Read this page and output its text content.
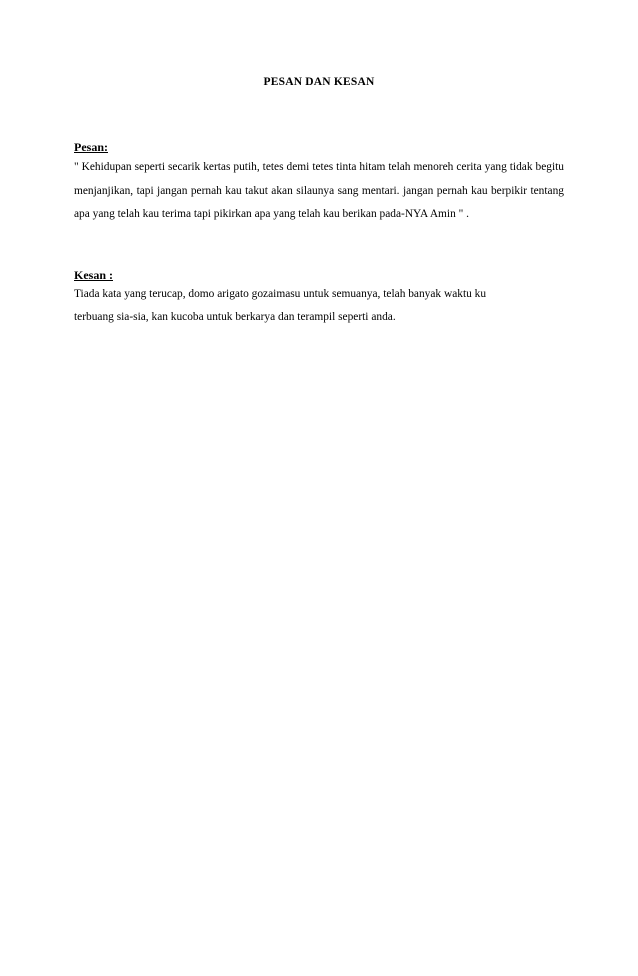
PESAN DAN KESAN

Pesan:

" Kehidupan seperti secarik kertas putih, tetes demi tetes tinta hitam telah menoreh cerita yang tidak begitu menjanjikan, tapi jangan pernah kau takut akan silaunya sang mentari. jangan pernah kau berpikir tentang apa yang telah kau terima tapi pikirkan apa yang telah kau berikan pada-NYA Amin " .

Kesan :

Tiada kata yang terucap, domo arigato gozaimasu untuk semuanya, telah banyak waktu ku
terbuang sia-sia, kan kucoba untuk berkarya dan terampil seperti anda.
